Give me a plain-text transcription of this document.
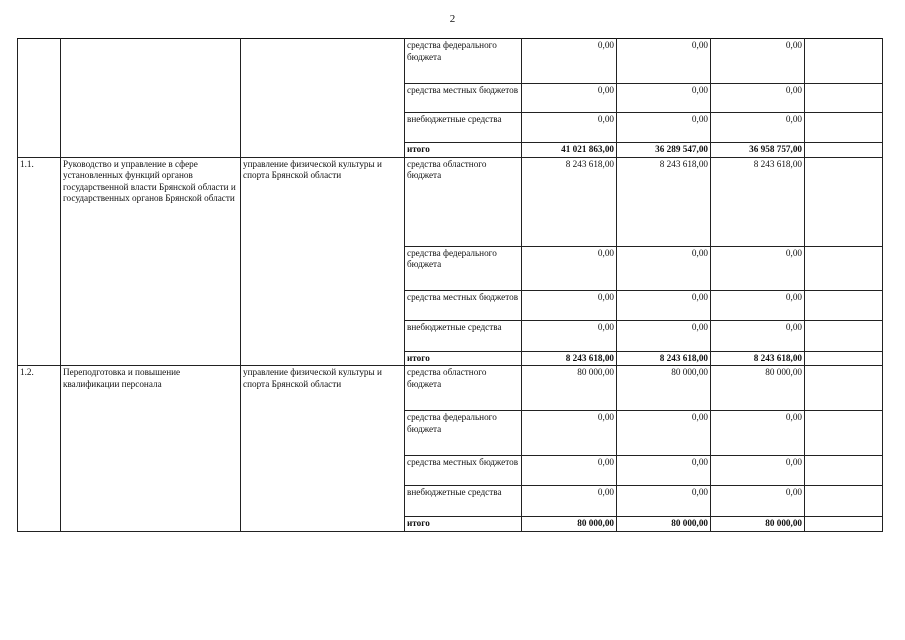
2
			средства федерального бюджета	0,00	0,00	0,00	
			средства местных бюджетов	0,00	0,00	0,00	
			внебюджетные средства	0,00	0,00	0,00	
			итого	41 021 863,00	36 289 547,00	36 958 757,00	
1.1.	Руководство и управление в сфере установленных функций органов государственной власти Брянской области и государственных органов Брянской области	управление физической культуры и спорта Брянской области	средства областного бюджета	8 243 618,00	8 243 618,00	8 243 618,00	
			средства федерального бюджета	0,00	0,00	0,00	
			средства местных бюджетов	0,00	0,00	0,00	
			внебюджетные средства	0,00	0,00	0,00	
			итого	8 243 618,00	8 243 618,00	8 243 618,00	
1.2.	Переподготовка и повышение квалификации персонала	управление физической культуры и спорта Брянской области	средства областного бюджета	80 000,00	80 000,00	80 000,00	
			средства федерального бюджета	0,00	0,00	0,00	
			средства местных бюджетов	0,00	0,00	0,00	
			внебюджетные средства	0,00	0,00	0,00	
			итого	80 000,00	80 000,00	80 000,00	
